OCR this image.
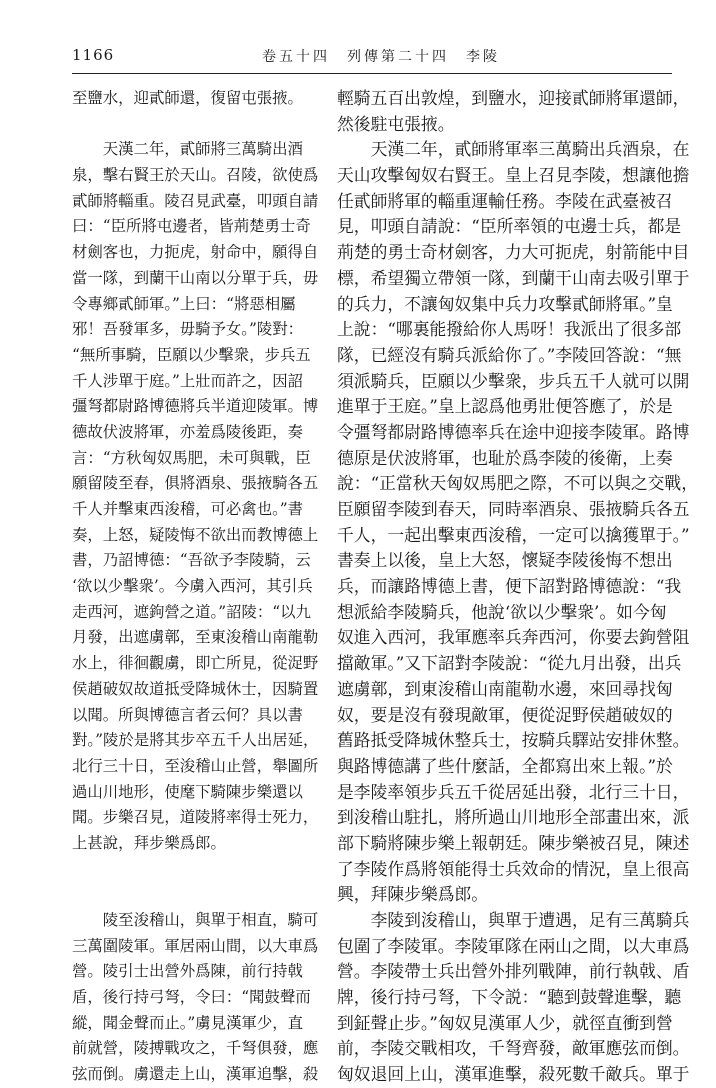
1166	卷五十四　列傳第二十四　李陵
至鹽水，迎貳師還，復留屯張掖。
　　天漢二年，貳師將三萬騎出酒
泉，擊右賢王於天山。召陵，欲使爲
貳師將輜重。陵召見武臺，叩頭自請
曰：“臣所將屯邊者，皆荊楚勇士奇
材劍客也，力扼虎，射命中，願得自
當一隊，到蘭干山南以分單于兵，毋
令專鄉貳師軍。”上曰：“將惡相屬
邪！吾發軍多，毋騎予女。”陵對：
“無所事騎，臣願以少擊衆，步兵五
千人涉單于庭。”上壯而許之，因詔
彊弩都尉路博德將兵半道迎陵軍。博
德故伏波將軍，亦羞爲陵後距，奏
言：“方秋匈奴馬肥，未可與戰，臣
願留陵至春，俱將酒泉、張掖騎各五
千人并擊東西浚稽，可必禽也。”書
奏，上怒，疑陵悔不欲出而教博德上
書，乃詔博德：“吾欲予李陵騎，云
‘欲以少擊衆’。今虜入西河，其引兵
走西河，遮鉤營之道。”詔陵：“以九
月發，出遮虜鄣，至東浚稽山南龍勒
水上，徘徊觀虜，即亡所見，從浞野
侯趙破奴故道抵受降城休士，因騎置
以聞。所與博德言者云何？具以書
對。”陵於是將其步卒五千人出居延，
北行三十日，至浚稽山止營，舉圖所
過山川地形，使麾下騎陳步樂還以
聞。步樂召見，道陵將率得士死力，
上甚說，拜步樂爲郎。
　　陵至浚稽山，與單于相直，騎可
三萬圍陵軍。軍居兩山間，以大車爲
營。陵引士出營外爲陳，前行持戟
盾，後行持弓弩，令曰：“聞鼓聲而
縱，聞金聲而止。”虜見漢軍少，直
前就營，陵搏戰攻之，千弩俱發，應
弦而倒。虜還走上山，漢軍追擊，殺
輕騎五百出敦煌，到鹽水，迎接貳師將軍還師，
然後駐屯張掖。
　　天漢二年，貳師將軍率三萬騎出兵酒泉，在
天山攻擊匈奴右賢王。皇上召見李陵，想讓他擔
任貳師將軍的輜重運輸任務。李陵在武臺被召
見，叩頭自請說：“臣所率領的屯邊士兵，都是
荊楚的勇士奇材劍客，力大可扼虎，射箭能中目
標，希望獨立帶領一隊，到蘭干山南去吸引單于
的兵力，不讓匈奴集中兵力攻擊貳師將軍。”皇
上說：“哪裏能撥給你人馬呀！我派出了很多部
隊，已經沒有騎兵派給你了。”李陵回答說：“無
須派騎兵，臣願以少擊衆，步兵五千人就可以開
進單于王庭。”皇上認爲他勇壯便答應了，於是
令彊弩都尉路博德率兵在途中迎接李陵軍。路博
德原是伏波將軍，也耻於爲李陵的後衛，上奏
說：“正當秋天匈奴馬肥之際，不可以與之交戰，
臣願留李陵到春天，同時率酒泉、張掖騎兵各五
千人，一起出擊東西浚稽，一定可以擒獲單于。”
書奏上以後，皇上大怒，懷疑李陵後悔不想出
兵，而讓路博德上書，便下詔對路博德說：“我
想派給李陵騎兵，他說‘欲以少擊衆’。如今匈
奴進入西河，我軍應率兵奔西河，你要去鉤營阻
擋敵軍。”又下詔對李陵說：“從九月出發，出兵
遮虜鄣，到東浚稽山南龍勒水邊，來回尋找匈
奴，要是沒有發現敵軍，便從浞野侯趙破奴的
舊路抵受降城休整兵士，按騎兵驛站安排休整。
與路博德講了些什麼話，全都寫出來上報。”於
是李陵率領步兵五千從居延出發，北行三十日，
到浚稽山駐扎，將所過山川地形全部畫出來，派
部下騎將陳步樂上報朝廷。陳步樂被召見，陳述
了李陵作爲將領能得士兵效命的情況，皇上很高
興，拜陳步樂爲郎。
　　李陵到浚稽山，與單于遭遇，足有三萬騎兵
包圍了李陵軍。李陵軍隊在兩山之間，以大車爲
營。李陵帶士兵出營外排列戰陣，前行執戟、盾
牌，後行持弓弩，下令説：“聽到鼓聲進擊，聽
到鉦聲止步。”匈奴見漢軍人少，就徑直衝到營
前，李陵交戰相攻，千弩齊發，敵軍應弦而倒。
匈奴退回上山，漢軍進擊，殺死數千敵兵。單于
